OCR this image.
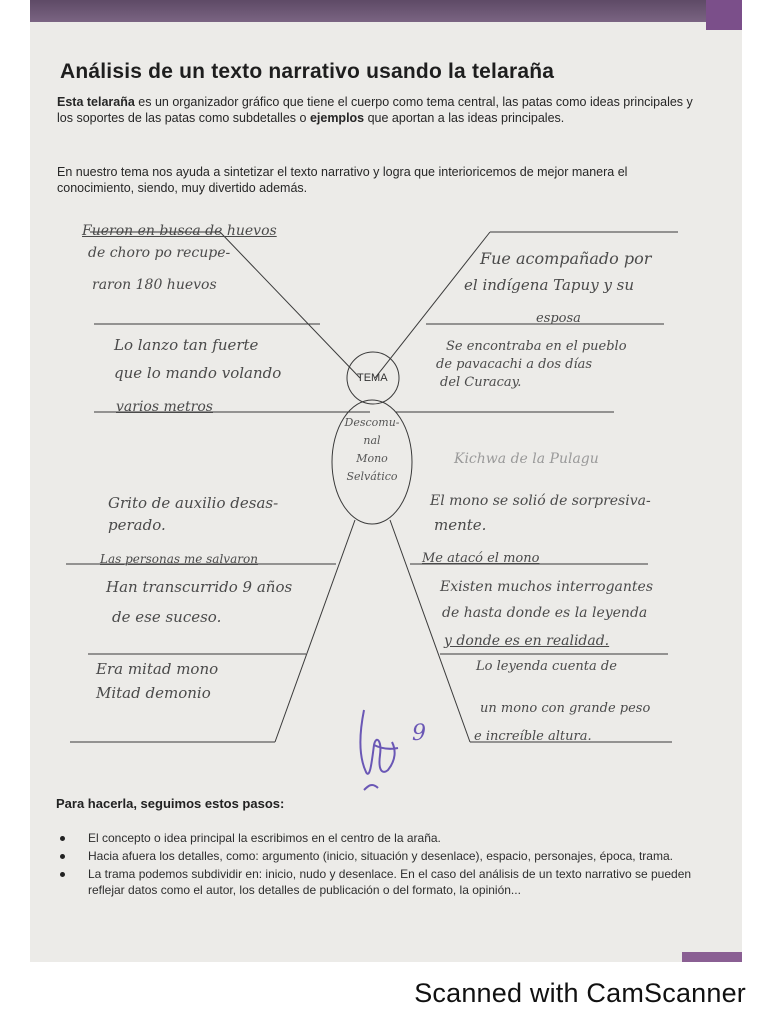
Análisis de un texto narrativo usando la telaraña

Esta telaraña es un organizador gráfico que tiene el cuerpo como tema central, las patas como ideas principales y los soportes de las patas como subdetalles o ejemplos que aportan a las ideas principales.

En nuestro tema nos ayuda a sintetizar el texto narrativo y logra que interioricemos de mejor manera el conocimiento, siendo, muy divertido además.

TEMA

Descomu-
nal
Mono
Selvático

Fueron en busca de huevos

de choro po recupe-

raron 180 huevos

Lo lanzo tan fuerte

que lo mando volando

varios metros

Fue acompañado por

el indígena Tapuy y su

esposa

Se encontraba en el pueblo

de pavacachi a dos días

del Curacay.

Kichwa de la Pulagu

Grito de auxilio desas-

perado.

Las personas me salvaron

Han transcurrido 9 años

de ese suceso.

Era mitad mono

Mitad demonio

El mono se solió de sorpresiva-

mente.

Me atacó el mono

Existen muchos interrogantes

de hasta donde es la leyenda

y donde es en realidad.

Lo leyenda cuenta de

un mono con grande peso

e increíble altura.

9

Para hacerla, seguimos estos pasos:

El concepto o idea principal la escribimos en el centro de la araña.
Hacia afuera los detalles, como: argumento (inicio, situación y desenlace), espacio, personajes, época, trama.
La trama podemos subdividir en: inicio, nudo y desenlace. En el caso del análisis de un texto narrativo se pueden reflejar datos como el autor, los detalles de publicación o del formato, la opinión...

Scanned with CamScanner
